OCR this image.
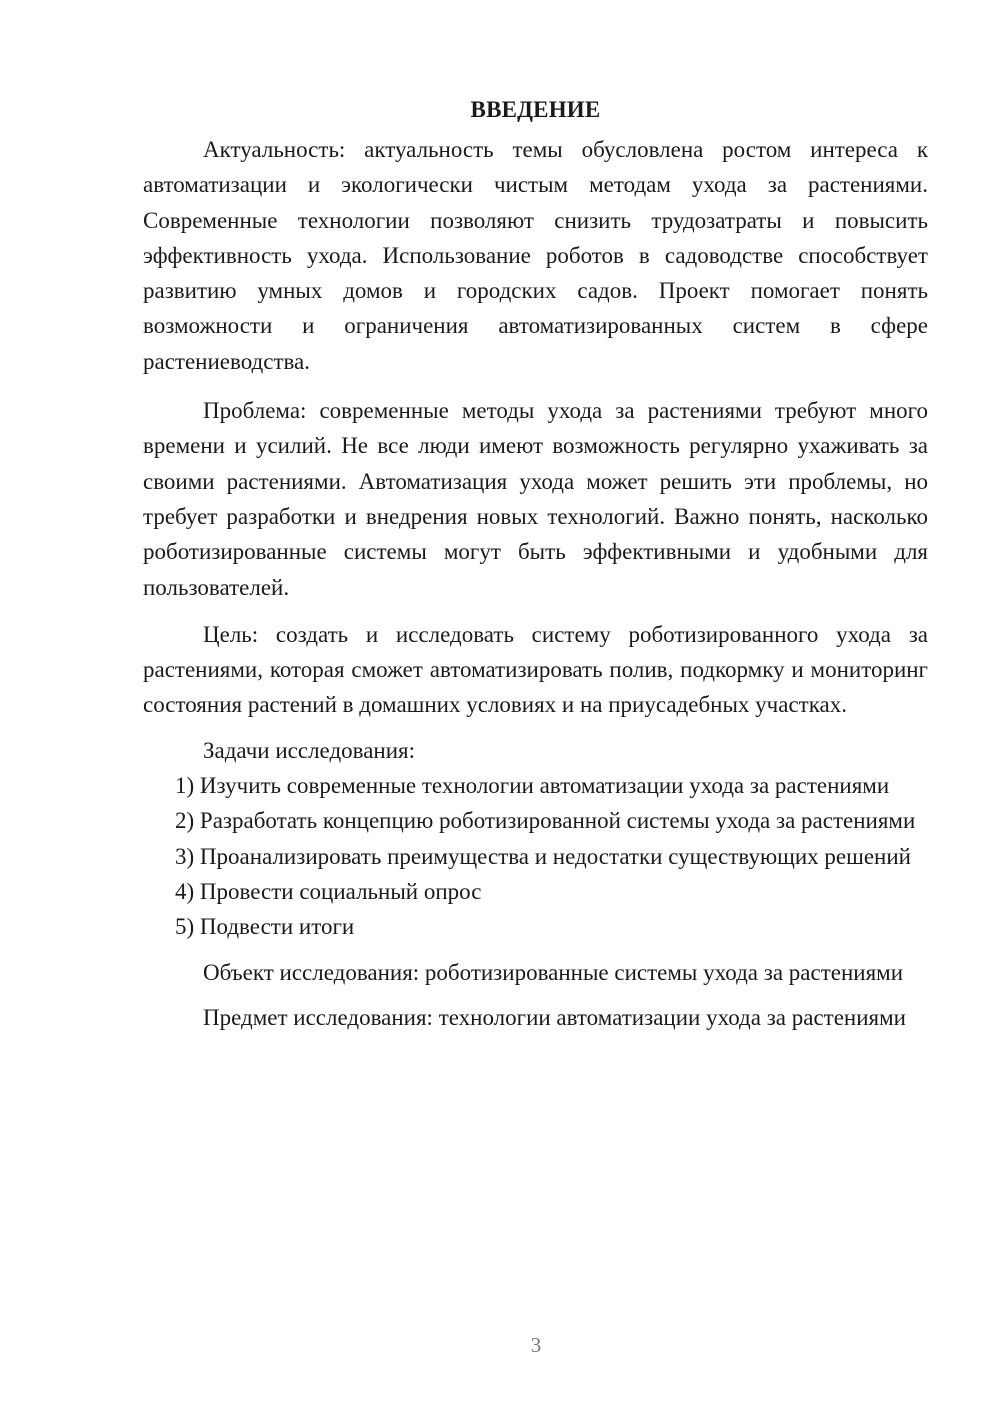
ВВЕДЕНИЕ

Актуальность: актуальность темы обусловлена ростом интереса к автоматизации и экологически чистым методам ухода за растениями. Современные технологии позволяют снизить трудозатраты и повысить эффективность ухода. Использование роботов в садоводстве способствует развитию умных домов и городских садов. Проект помогает понять возможности и ограничения автоматизированных систем в сфере растениеводства.

Проблема: современные методы ухода за растениями требуют много времени и усилий. Не все люди имеют возможность регулярно ухаживать за своими растениями. Автоматизация ухода может решить эти проблемы, но требует разработки и внедрения новых технологий. Важно понять, насколько роботизированные системы могут быть эффективными и удобными для пользователей.

Цель: создать и исследовать систему роботизированного ухода за растениями, которая сможет автоматизировать полив, подкормку и мониторинг состояния растений в домашних условиях и на приусадебных участках.

Задачи исследования:

1) Изучить современные технологии автоматизации ухода за растениями

2) Разработать концепцию роботизированной системы ухода за растениями

3) Проанализировать преимущества и недостатки существующих решений

4) Провести социальный опрос

5) Подвести итоги

Объект исследования: роботизированные системы ухода за растениями

Предмет исследования: технологии автоматизации ухода за растениями

3
